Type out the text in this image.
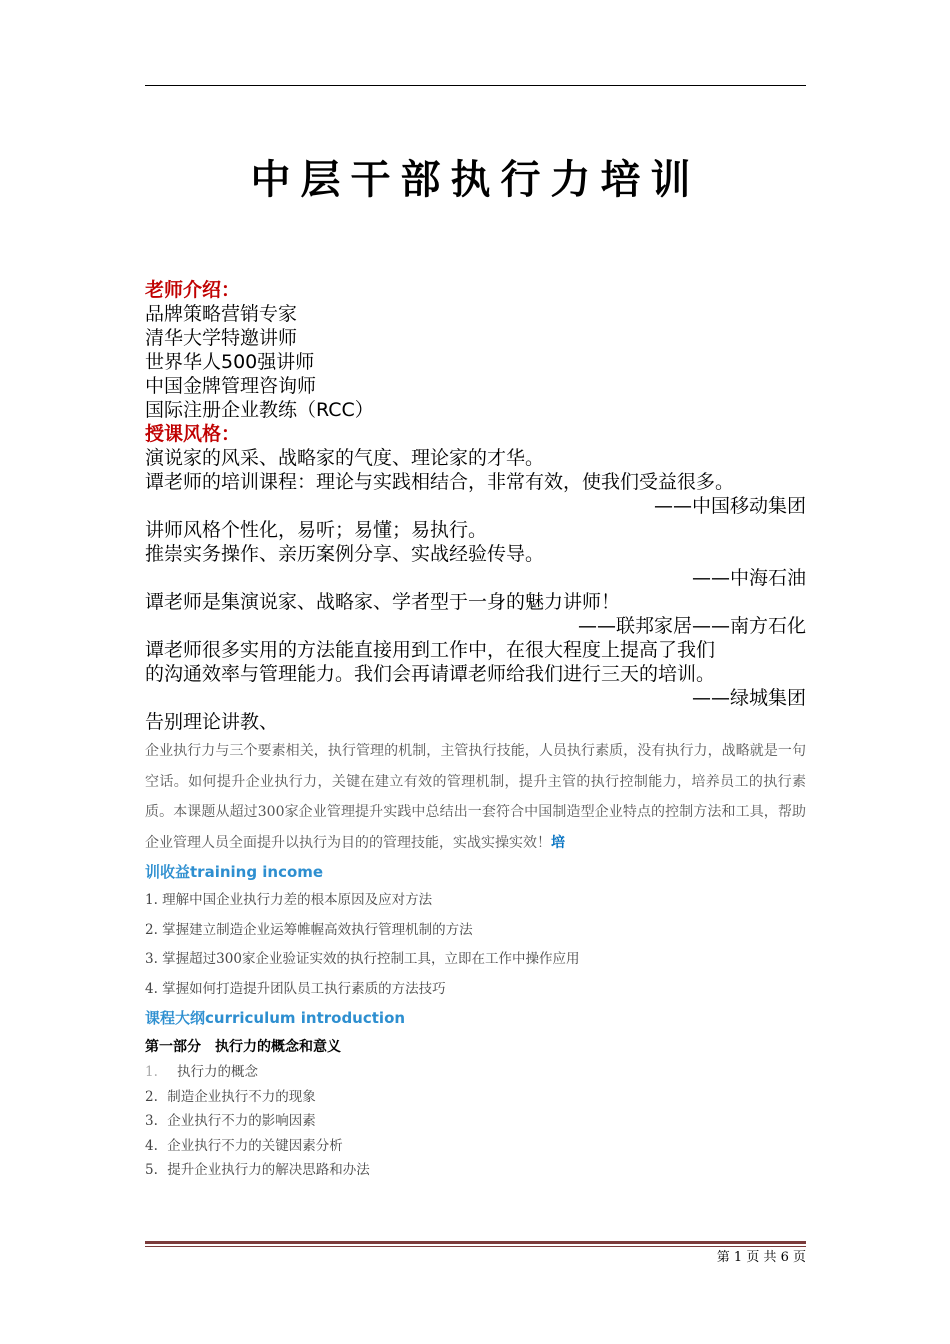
中层干部执行力培训
老师介绍：
品牌策略营销专家
清华大学特邀讲师
世界华人500强讲师
中国金牌管理咨询师
国际注册企业教练（RCC）
授课风格：
演说家的风采、战略家的气度、理论家的才华。
谭老师的培训课程：理论与实践相结合，非常有效，使我们受益很多。
——中国移动集团
讲师风格个性化，易听；易懂；易执行。
推崇实务操作、亲历案例分享、实战经验传导。
——中海石油
谭老师是集演说家、战略家、学者型于一身的魅力讲师！
——联邦家居——南方石化
谭老师很多实用的方法能直接用到工作中，在很大程度上提高了我们
的沟通效率与管理能力。我们会再请谭老师给我们进行三天的培训。
——绿城集团
告别理论讲教、
企业执行力与三个要素相关，执行管理的机制，主管执行技能，人员执行素质，没有执行力，战略就是一句空话。如何提升企业执行力，关键在建立有效的管理机制，提升主管的执行控制能力，培养员工的执行素质。本课题从超过300家企业管理提升实践中总结出一套符合中国制造型企业特点的控制方法和工具，帮助企业管理人员全面提升以执行为目的的管理技能，实战实操实效！培
训收益training income
1. 理解中国企业执行力差的根本原因及应对方法
2. 掌握建立制造企业运筹帷幄高效执行管理机制的方法
3. 掌握超过300家企业验证实效的执行控制工具，立即在工作中操作应用
4. 掌握如何打造提升团队员工执行素质的方法技巧
课程大纲curriculum introduction
第一部分　执行力的概念和意义
1. 执行力的概念
2. 制造企业执行不力的现象
3. 企业执行不力的影响因素
4. 企业执行不力的关键因素分析
5. 提升企业执行力的解决思路和办法
第 1 页 共 6 页
